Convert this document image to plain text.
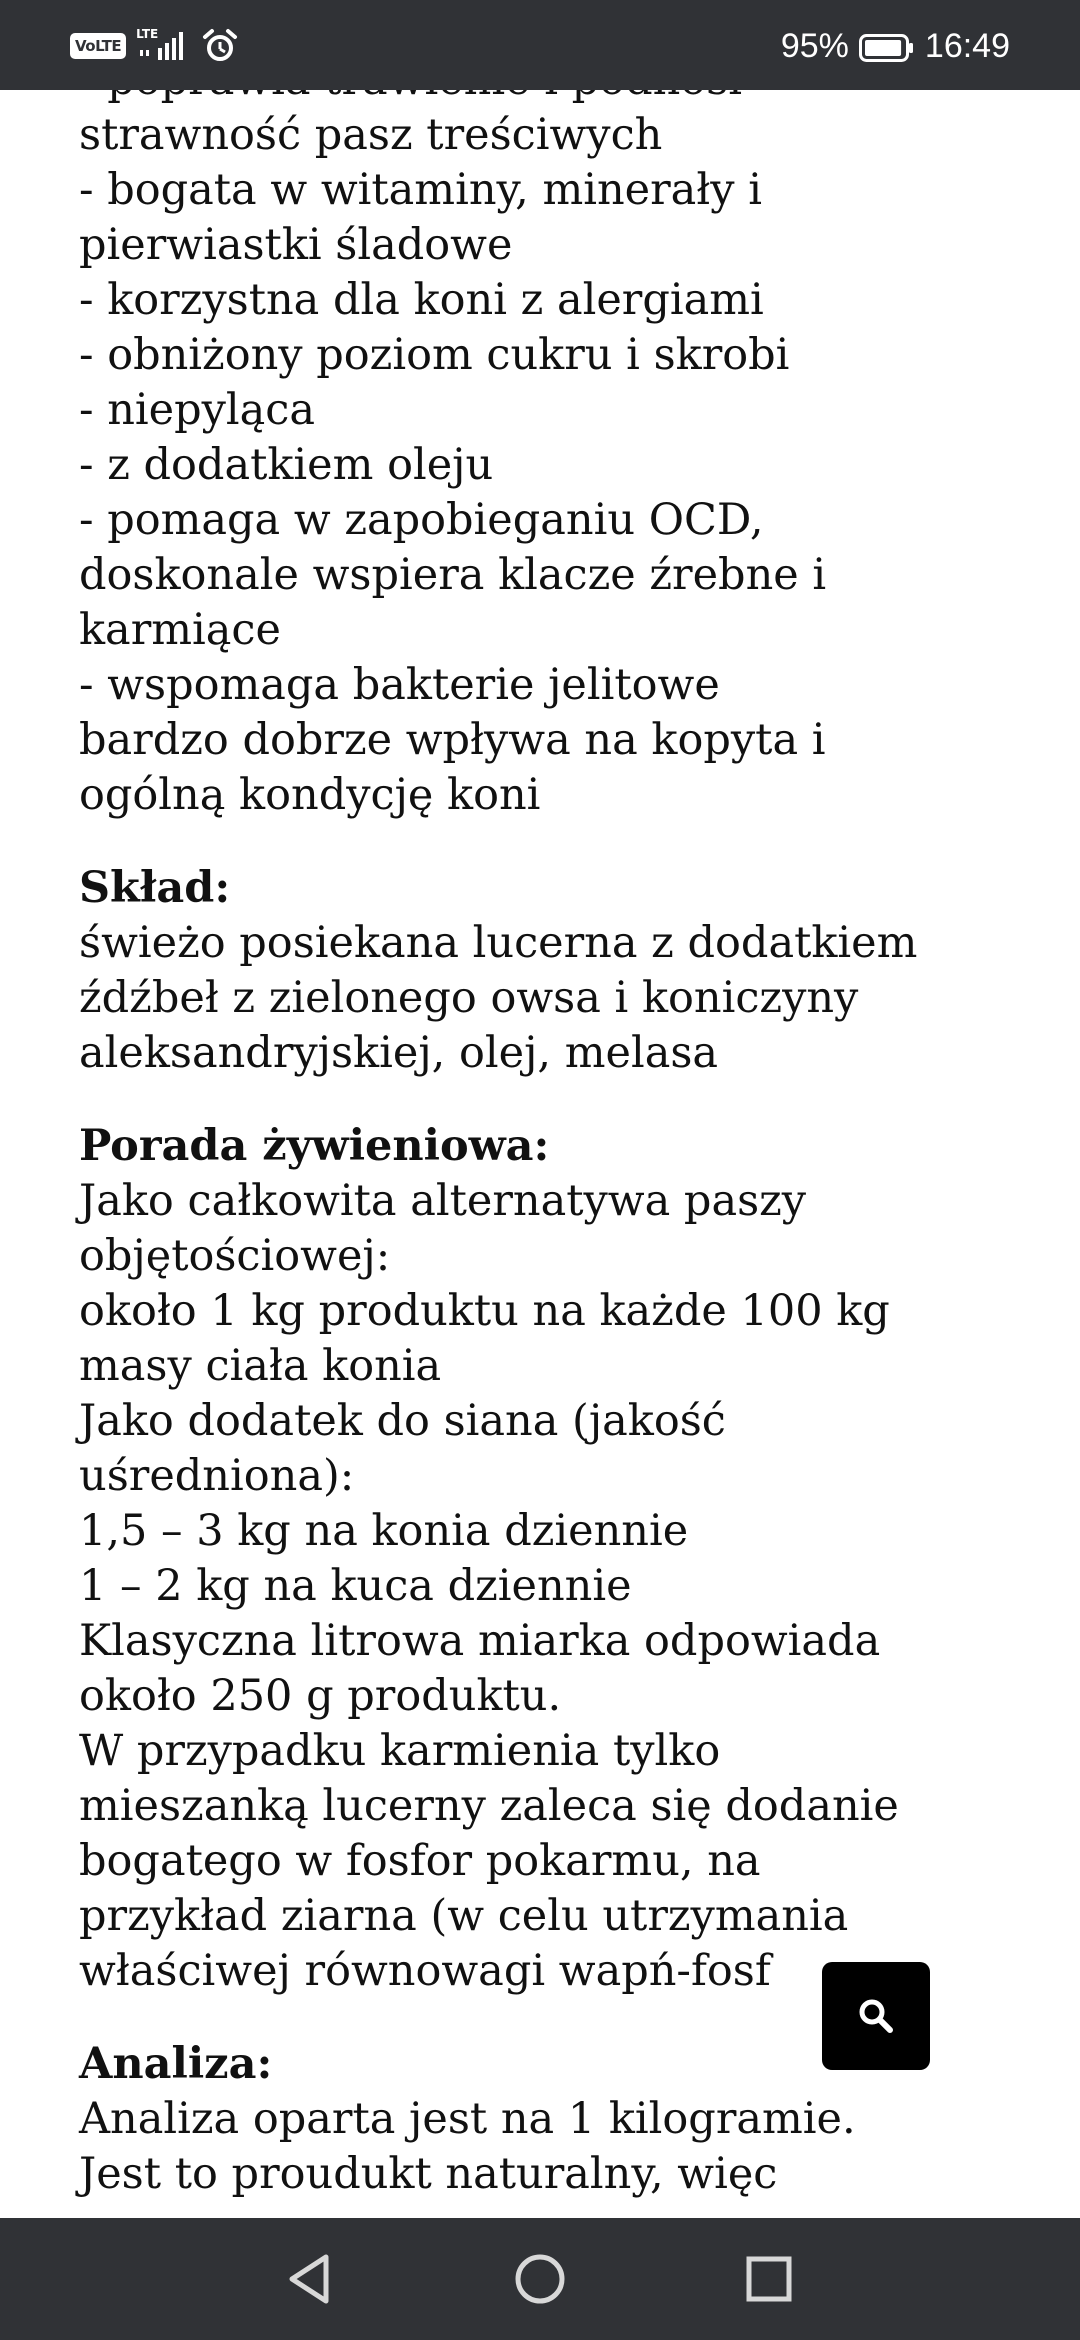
strawność pasz treściwych
- bogata w witaminy, minerały i
pierwiastki śladowe
- korzystna dla koni z alergiami
- obniżony poziom cukru i skrobi
- niepyląca
- z dodatkiem oleju
- pomaga w zapobieganiu OCD,
doskonale wspiera klacze źrebne i
karmiące
- wspomaga bakterie jelitowe
bardzo dobrze wpływa na kopyta i
ogólną kondycję koni
Skład:
świeżo posiekana lucerna z dodatkiem
źdźbeł z zielonego owsa i koniczyny
aleksandryjskiej, olej, melasa
Porada żywieniowa:
Jako całkowita alternatywa paszy
objętościowej:
około 1 kg produktu na każde 100 kg
masy ciała konia
Jako dodatek do siana (jakość
uśredniona):
1,5 – 3 kg na konia dziennie
1 – 2 kg na kuca dziennie
Klasyczna litrowa miarka odpowiada
około 250 g produktu.
W przypadku karmienia tylko
mieszanką lucerny zaleca się dodanie
bogatego w fosfor pokarmu, na
przykład ziarna (w celu utrzymania
właściwej równowagi wapń-fosf
Analiza:
Analiza oparta jest na 1 kilogramie.
Jest to proudukt naturalny, więc
VoLTE
LTE	95% 16:49
